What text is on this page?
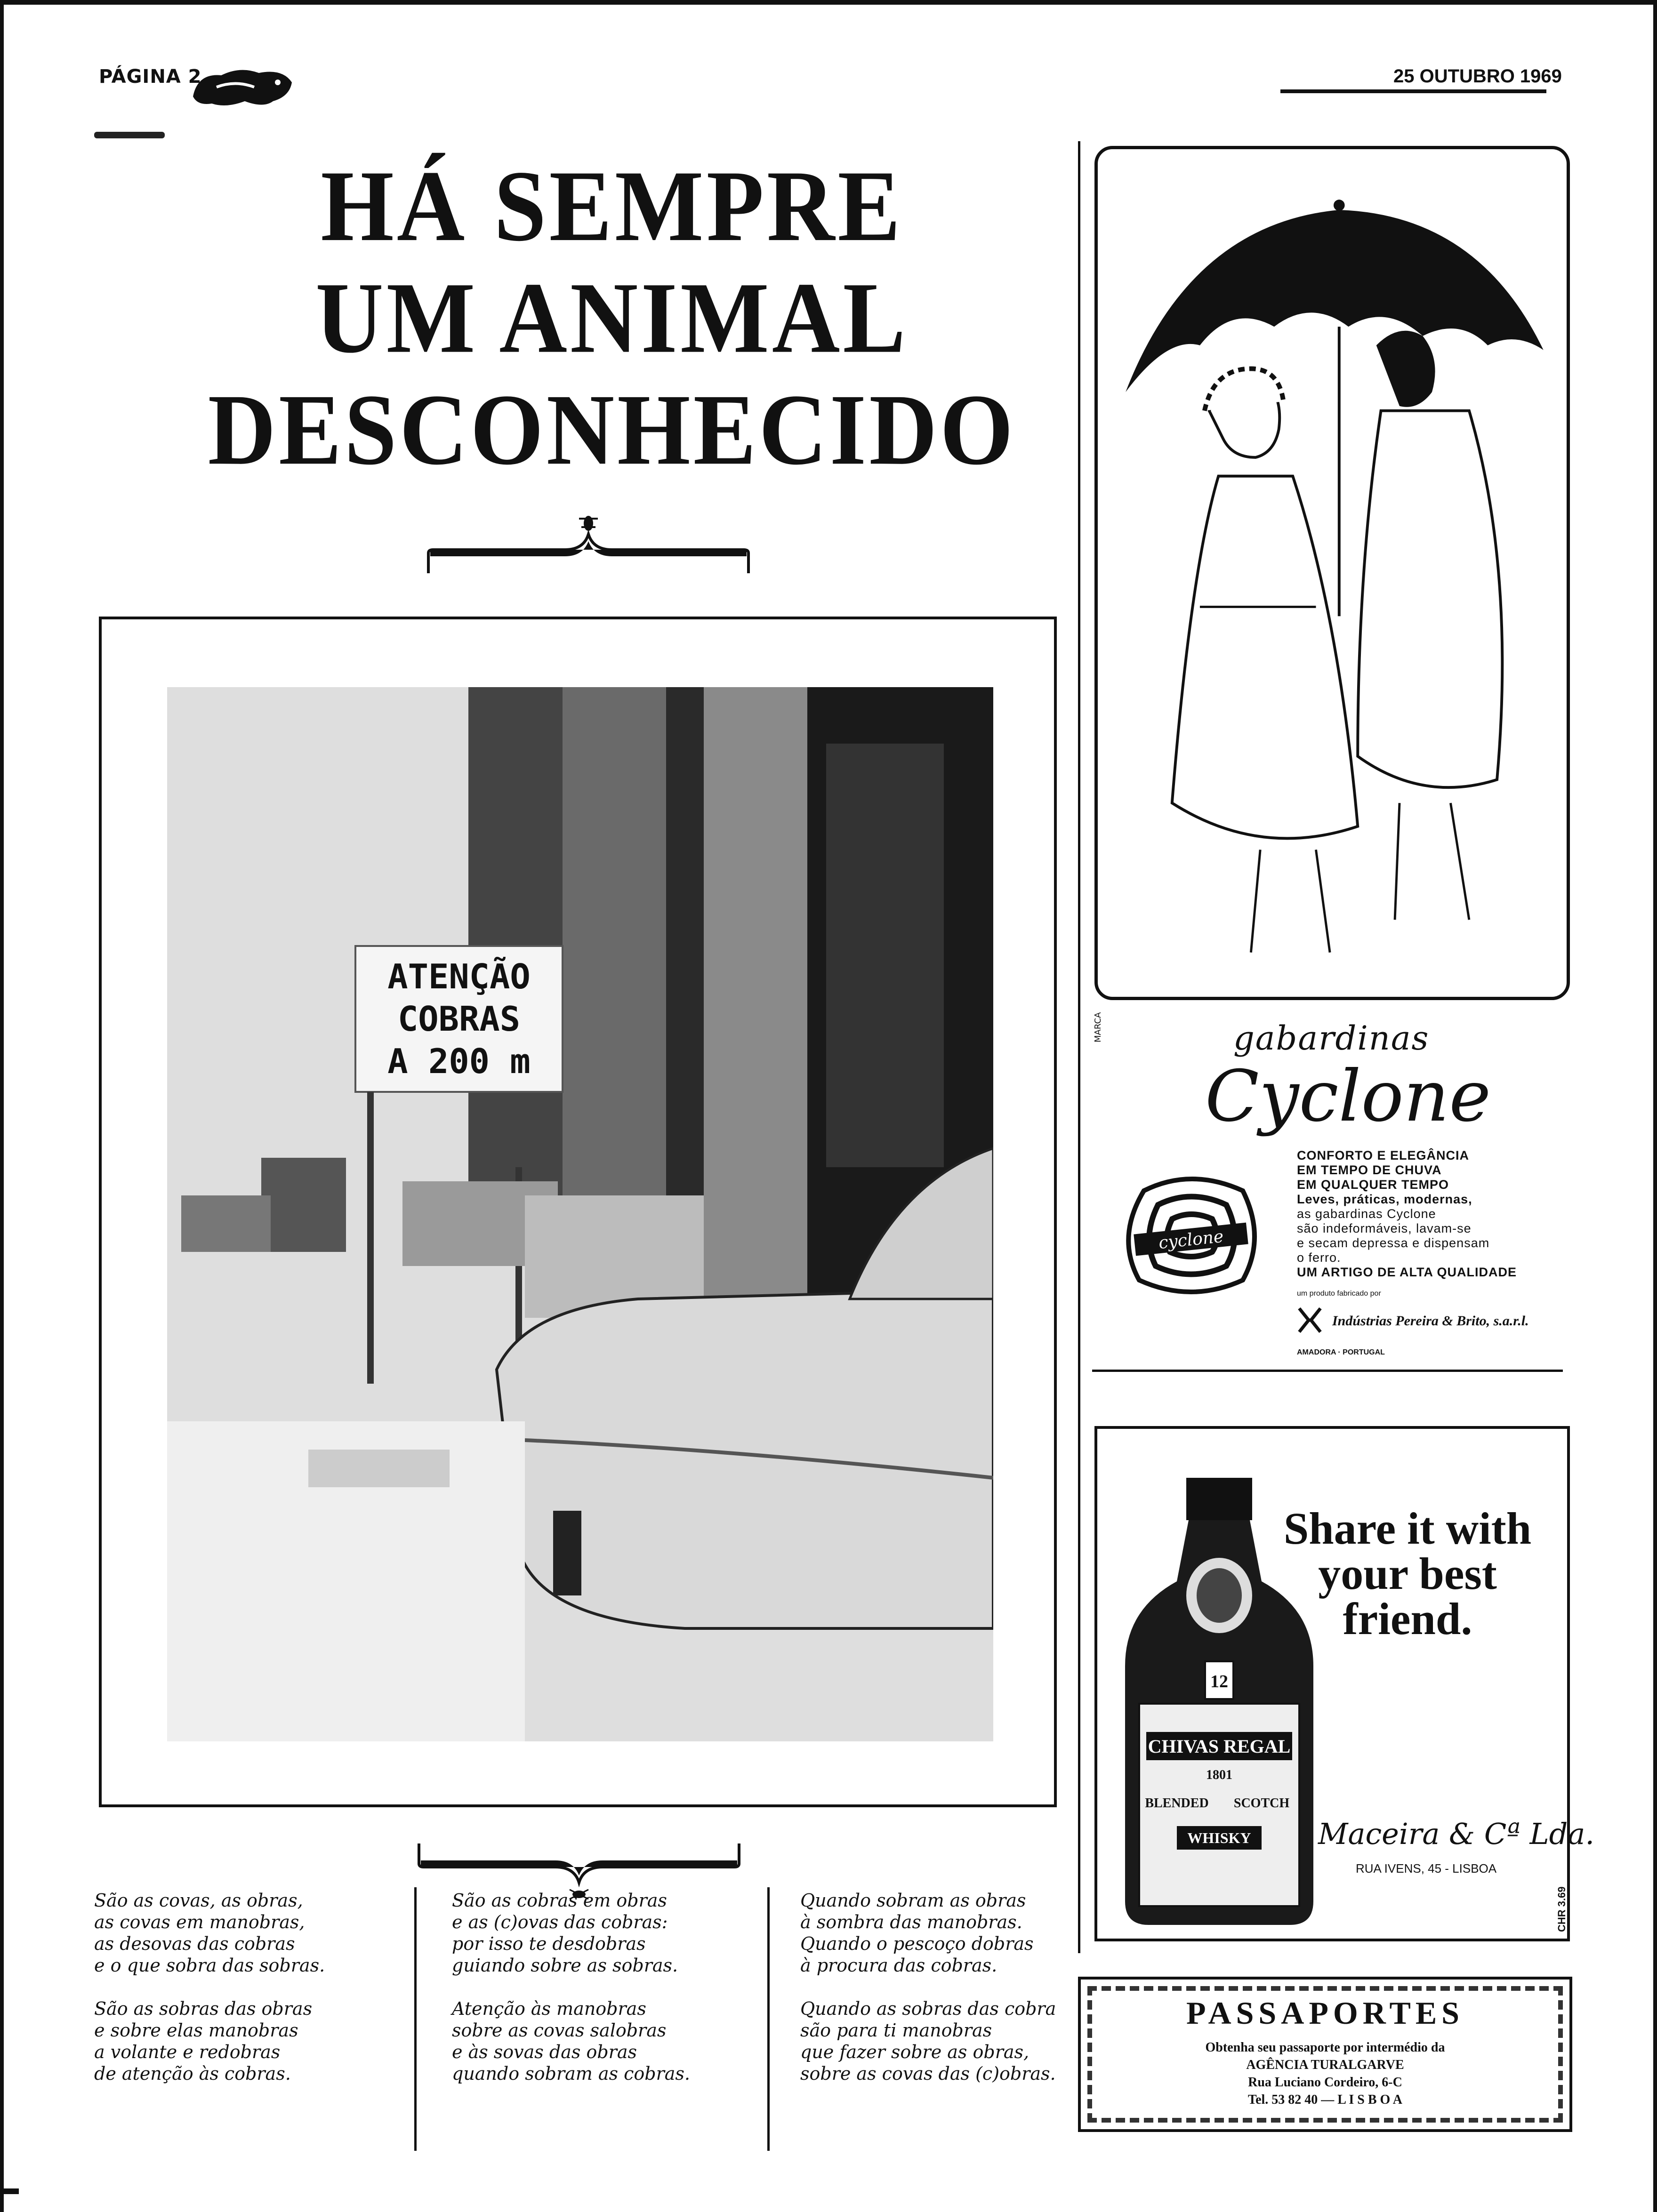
PÁGINA 2	25 OUTUBRO 1969
HÁ SEMPRE
UM ANIMAL
DESCONHECIDO
ATENÇÃO
COBRAS
A 200 m
São as covas, as obras,
as covas em manobras,
as desovas das cobras
e o que sobra das sobras.
São as sobras das obras
e sobre elas manobras
a volante e redobras
de atenção às cobras.
São as cobras em obras
e as (c)ovas das cobras:
por isso te desdobras
guiando sobre as sobras.
Atenção às manobras
sobre as covas salobras
e às sovas das obras
quando sobram as cobras.
Quando sobram as obras
à sombra das manobras.
Quando o pescoço dobras
à procura das cobras.
Quando as sobras das cobra
são para ti manobras
que fazer sobre as obras,
sobre as covas das (c)obras.
MARCA	gabardinas
Cyclone
cyclone
CONFORTO E ELEGÂNCIA
EM TEMPO DE CHUVA
EM QUALQUER TEMPO
Leves, práticas, modernas,
as gabardinas Cyclone
são indeformáveis, lavam-se
e secam depressa e dispensam
o ferro.
UM ARTIGO DE ALTA QUALIDADE
um produto fabricado por
Indústrias Pereira & Brito, s.a.r.l.
AMADORA · PORTUGAL
12
CHIVAS REGAL
1801
BLENDED SCOTCH
WHISKY
Share it with
your best
friend.
Maceira & Cª Lda.
RUA IVENS, 45 - LISBOA
CHR 3.69
PASSAPORTES
Obtenha seu passaporte por intermédio da
AGÊNCIA TURALGARVE
Rua Luciano Cordeiro, 6-C
Tel. 53 82 40 — L I S B O A
